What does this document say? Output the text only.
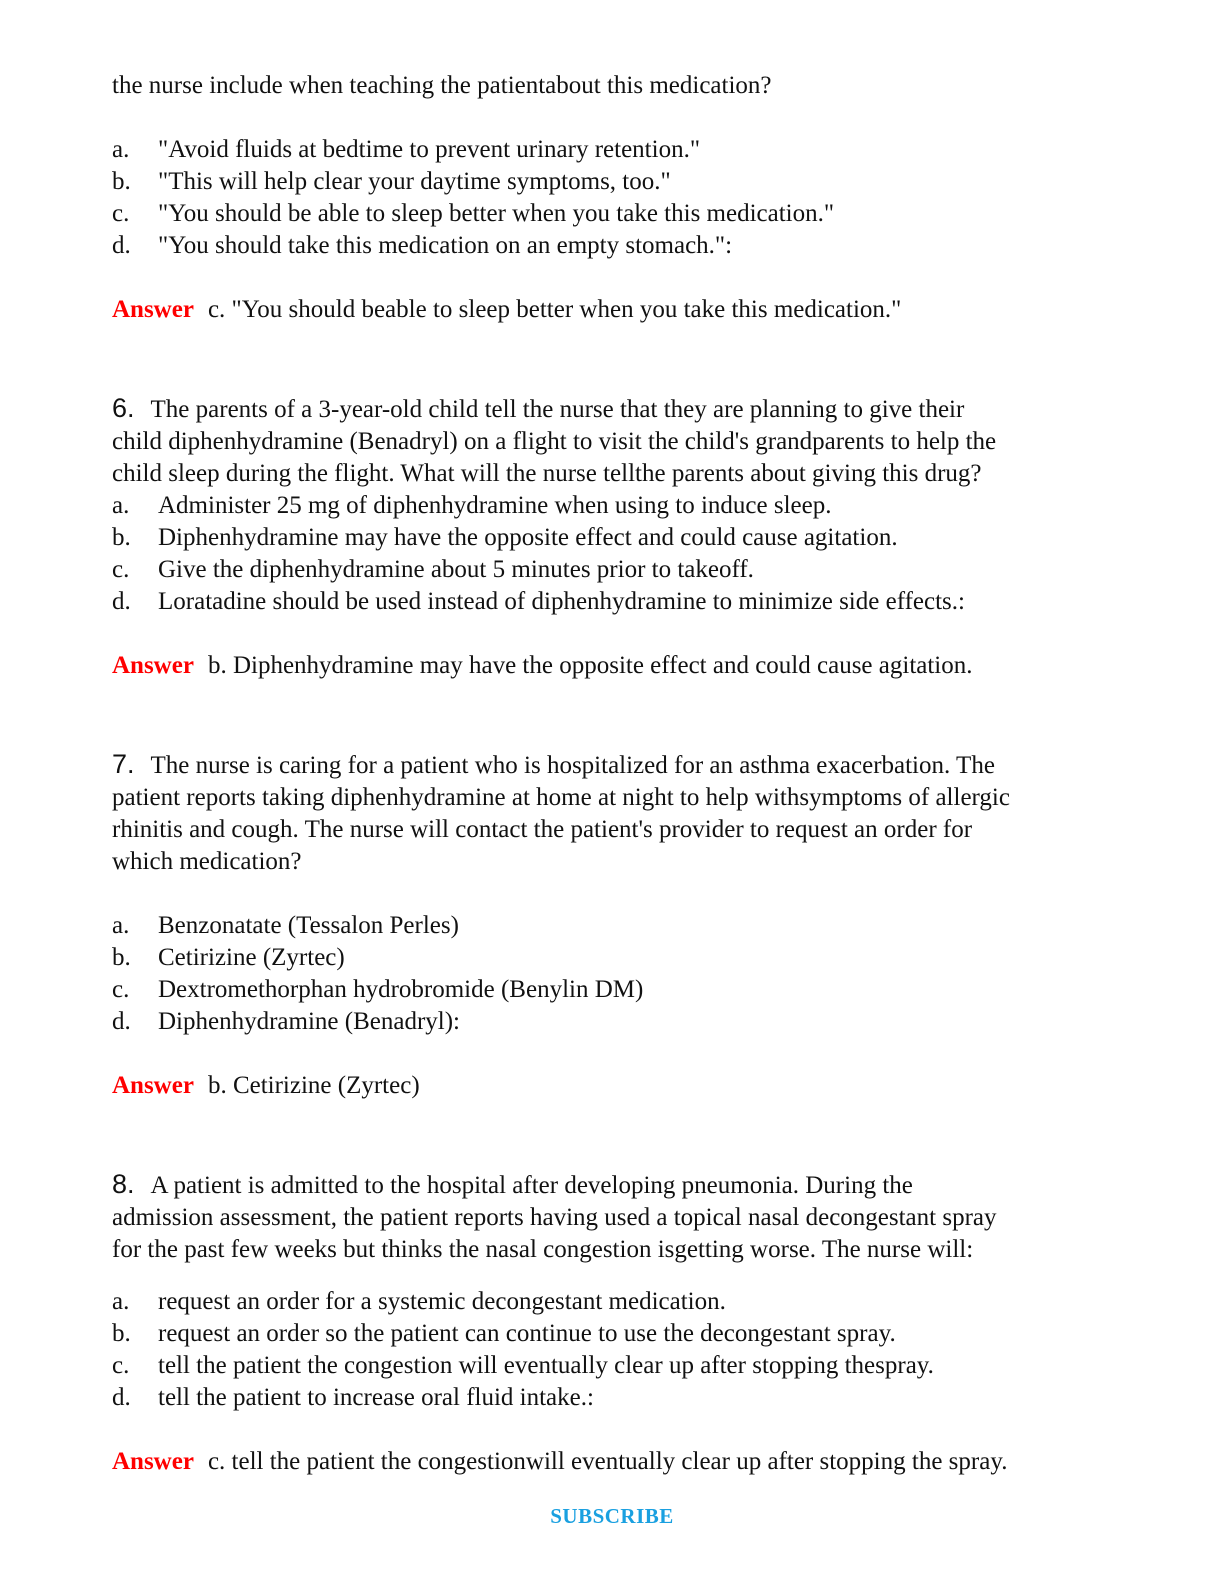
the nurse include when teaching the patientabout this medication?
a.	"Avoid fluids at bedtime to prevent urinary retention."
b.	"This will help clear your daytime symptoms, too."
c.	"You should be able to sleep better when you take this medication."
d.	"You should take this medication on an empty stomach.":
Answer c. "You should beable to sleep better when you take this medication."
6. The parents of a 3-year-old child tell the nurse that they are planning to give their
child diphenhydramine (Benadryl) on a flight to visit the child's grandparents to help the
child sleep during the flight. What will the nurse tellthe parents about giving this drug?
a.	Administer 25 mg of diphenhydramine when using to induce sleep.
b.	Diphenhydramine may have the opposite effect and could cause agitation.
c.	Give the diphenhydramine about 5 minutes prior to takeoff.
d.	Loratadine should be used instead of diphenhydramine to minimize side effects.:
Answer b. Diphenhydramine may have the opposite effect and could cause agitation.
7. The nurse is caring for a patient who is hospitalized for an asthma exacerbation. The
patient reports taking diphenhydramine at home at night to help withsymptoms of allergic
rhinitis and cough. The nurse will contact the patient's provider to request an order for
which medication?
a.	Benzonatate (Tessalon Perles)
b.	Cetirizine (Zyrtec)
c.	Dextromethorphan hydrobromide (Benylin DM)
d.	Diphenhydramine (Benadryl):
Answer b. Cetirizine (Zyrtec)
8. A patient is admitted to the hospital after developing pneumonia. During the
admission assessment, the patient reports having used a topical nasal decongestant spray
for the past few weeks but thinks the nasal congestion isgetting worse. The nurse will:
a.	request an order for a systemic decongestant medication.
b.	request an order so the patient can continue to use the decongestant spray.
c.	tell the patient the congestion will eventually clear up after stopping thespray.
d.	tell the patient to increase oral fluid intake.:
Answer c. tell the patient the congestionwill eventually clear up after stopping the spray.
SUBSCRIBE
